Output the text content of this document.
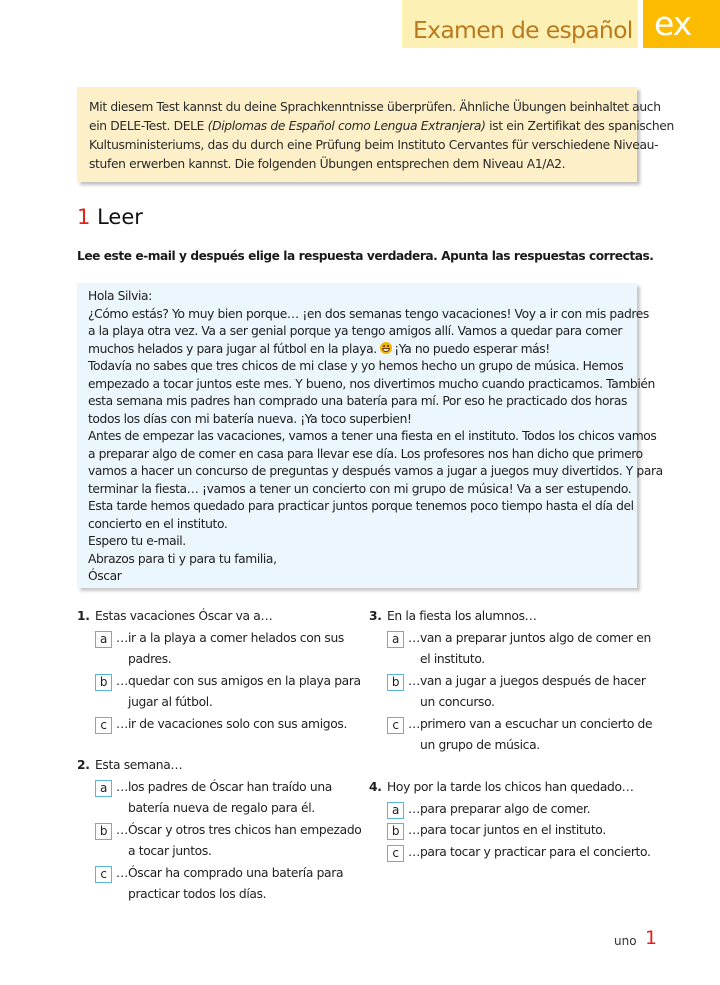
Examen de español ex
Mit diesem Test kannst du deine Sprachkenntnisse überprüfen. Ähnliche Übungen beinhaltet auch
ein DELE-Test. DELE (Diplomas de Español como Lengua Extranjera) ist ein Zertifikat des spanischen
Kultusministeriums, das du durch eine Prüfung beim Instituto Cervantes für verschiedene Niveau-
stufen erwerben kannst. Die folgenden Übungen entsprechen dem Niveau A1/A2.
1 Leer
Lee este e-mail y después elige la respuesta verdadera. Apunta las respuestas correctas.
Hola Silvia:
¿Cómo estás? Yo muy bien porque… ¡en dos semanas tengo vacaciones! Voy a ir con mis padres
a la playa otra vez. Va a ser genial porque ya tengo amigos allí. Vamos a quedar para comer
muchos helados y para jugar al fútbol en la playa. ¡Ya no puedo esperar más!
Todavía no sabes que tres chicos de mi clase y yo hemos hecho un grupo de música. Hemos
empezado a tocar juntos este mes. Y bueno, nos divertimos mucho cuando practicamos. También
esta semana mis padres han comprado una batería para mí. Por eso he practicado dos horas
todos los días con mi batería nueva. ¡Ya toco superbien!
Antes de empezar las vacaciones, vamos a tener una fiesta en el instituto. Todos los chicos vamos
a preparar algo de comer en casa para llevar ese día. Los profesores nos han dicho que primero
vamos a hacer un concurso de preguntas y después vamos a jugar a juegos muy divertidos. Y para
terminar la fiesta… ¡vamos a tener un concierto con mi grupo de música! Va a ser estupendo.
Esta tarde hemos quedado para practicar juntos porque tenemos poco tiempo hasta el día del
concierto en el instituto.
Espero tu e-mail.
Abrazos para ti y para tu familia,
Óscar
1. Estas vacaciones Óscar va a…
a …ir a la playa a comer helados con sus
padres.
b …quedar con sus amigos en la playa para
jugar al fútbol.
c …ir de vacaciones solo con sus amigos.
2. Esta semana…
a …los padres de Óscar han traído una
batería nueva de regalo para él.
b …Óscar y otros tres chicos han empezado
a tocar juntos.
c …Óscar ha comprado una batería para
practicar todos los días.
3. En la fiesta los alumnos…
a …van a preparar juntos algo de comer en
el instituto.
b …van a jugar a juegos después de hacer
un concurso.
c …primero van a escuchar un concierto de
un grupo de música.
4. Hoy por la tarde los chicos han quedado…
a …para preparar algo de comer.
b …para tocar juntos en el instituto.
c …para tocar y practicar para el concierto.
uno 1
